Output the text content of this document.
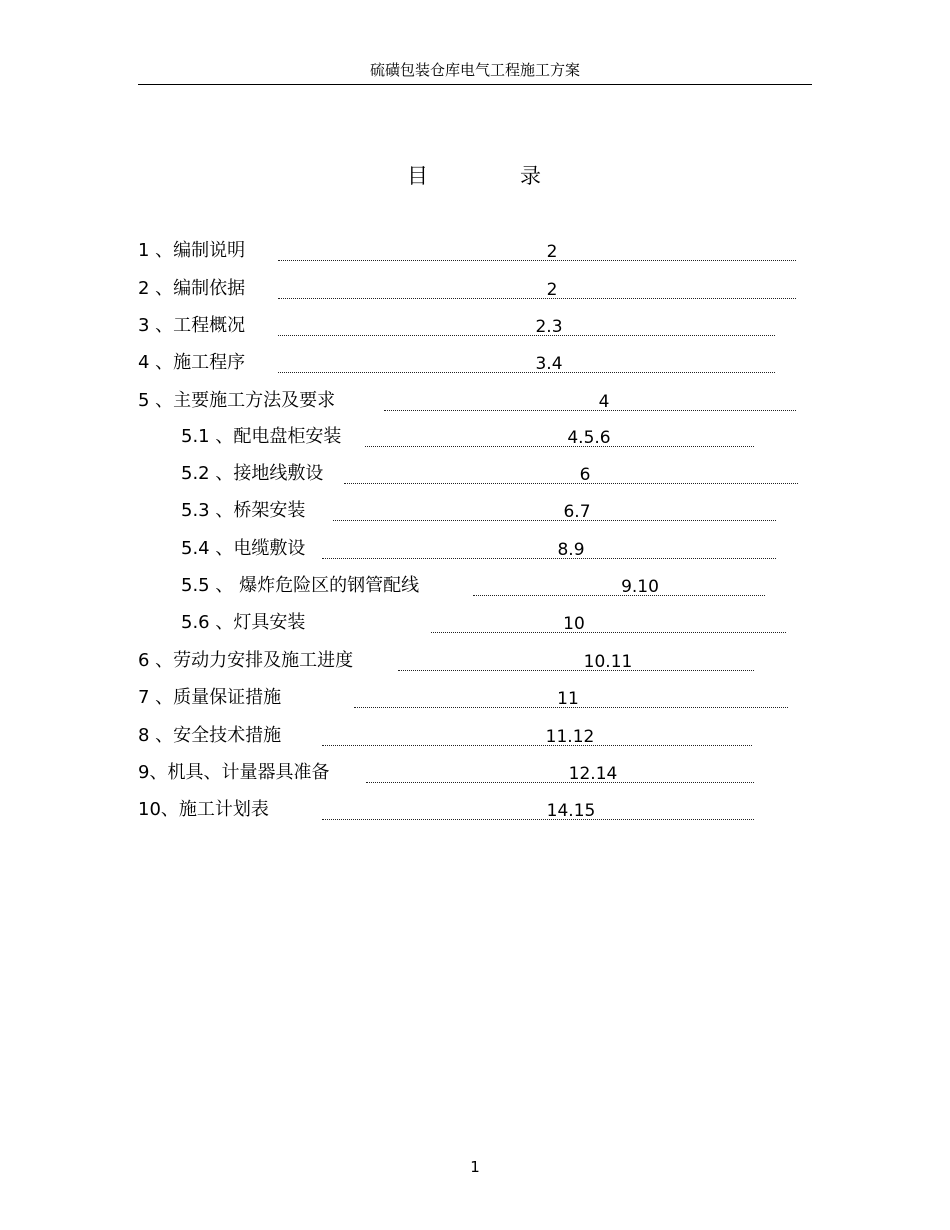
硫磺包装仓库电气工程施工方案
目	录
1 、编制说明	2
2 、编制依据	2
3 、工程概况	2.3
4 、施工程序	3.4
5 、主要施工方法及要求	4
5.1 、配电盘柜安装	4.5.6
5.2 、接地线敷设	6
5.3 、桥架安装	6.7
5.4 、电缆敷设	8.9
5.5 、 爆炸危险区的钢管配线	9.10
5.6 、灯具安装	10
6 、劳动力安排及施工进度	10.11
7 、质量保证措施	11
8 、安全技术措施	11.12
9、机具、计量器具准备	12.14
10、施工计划表	14.15
1
